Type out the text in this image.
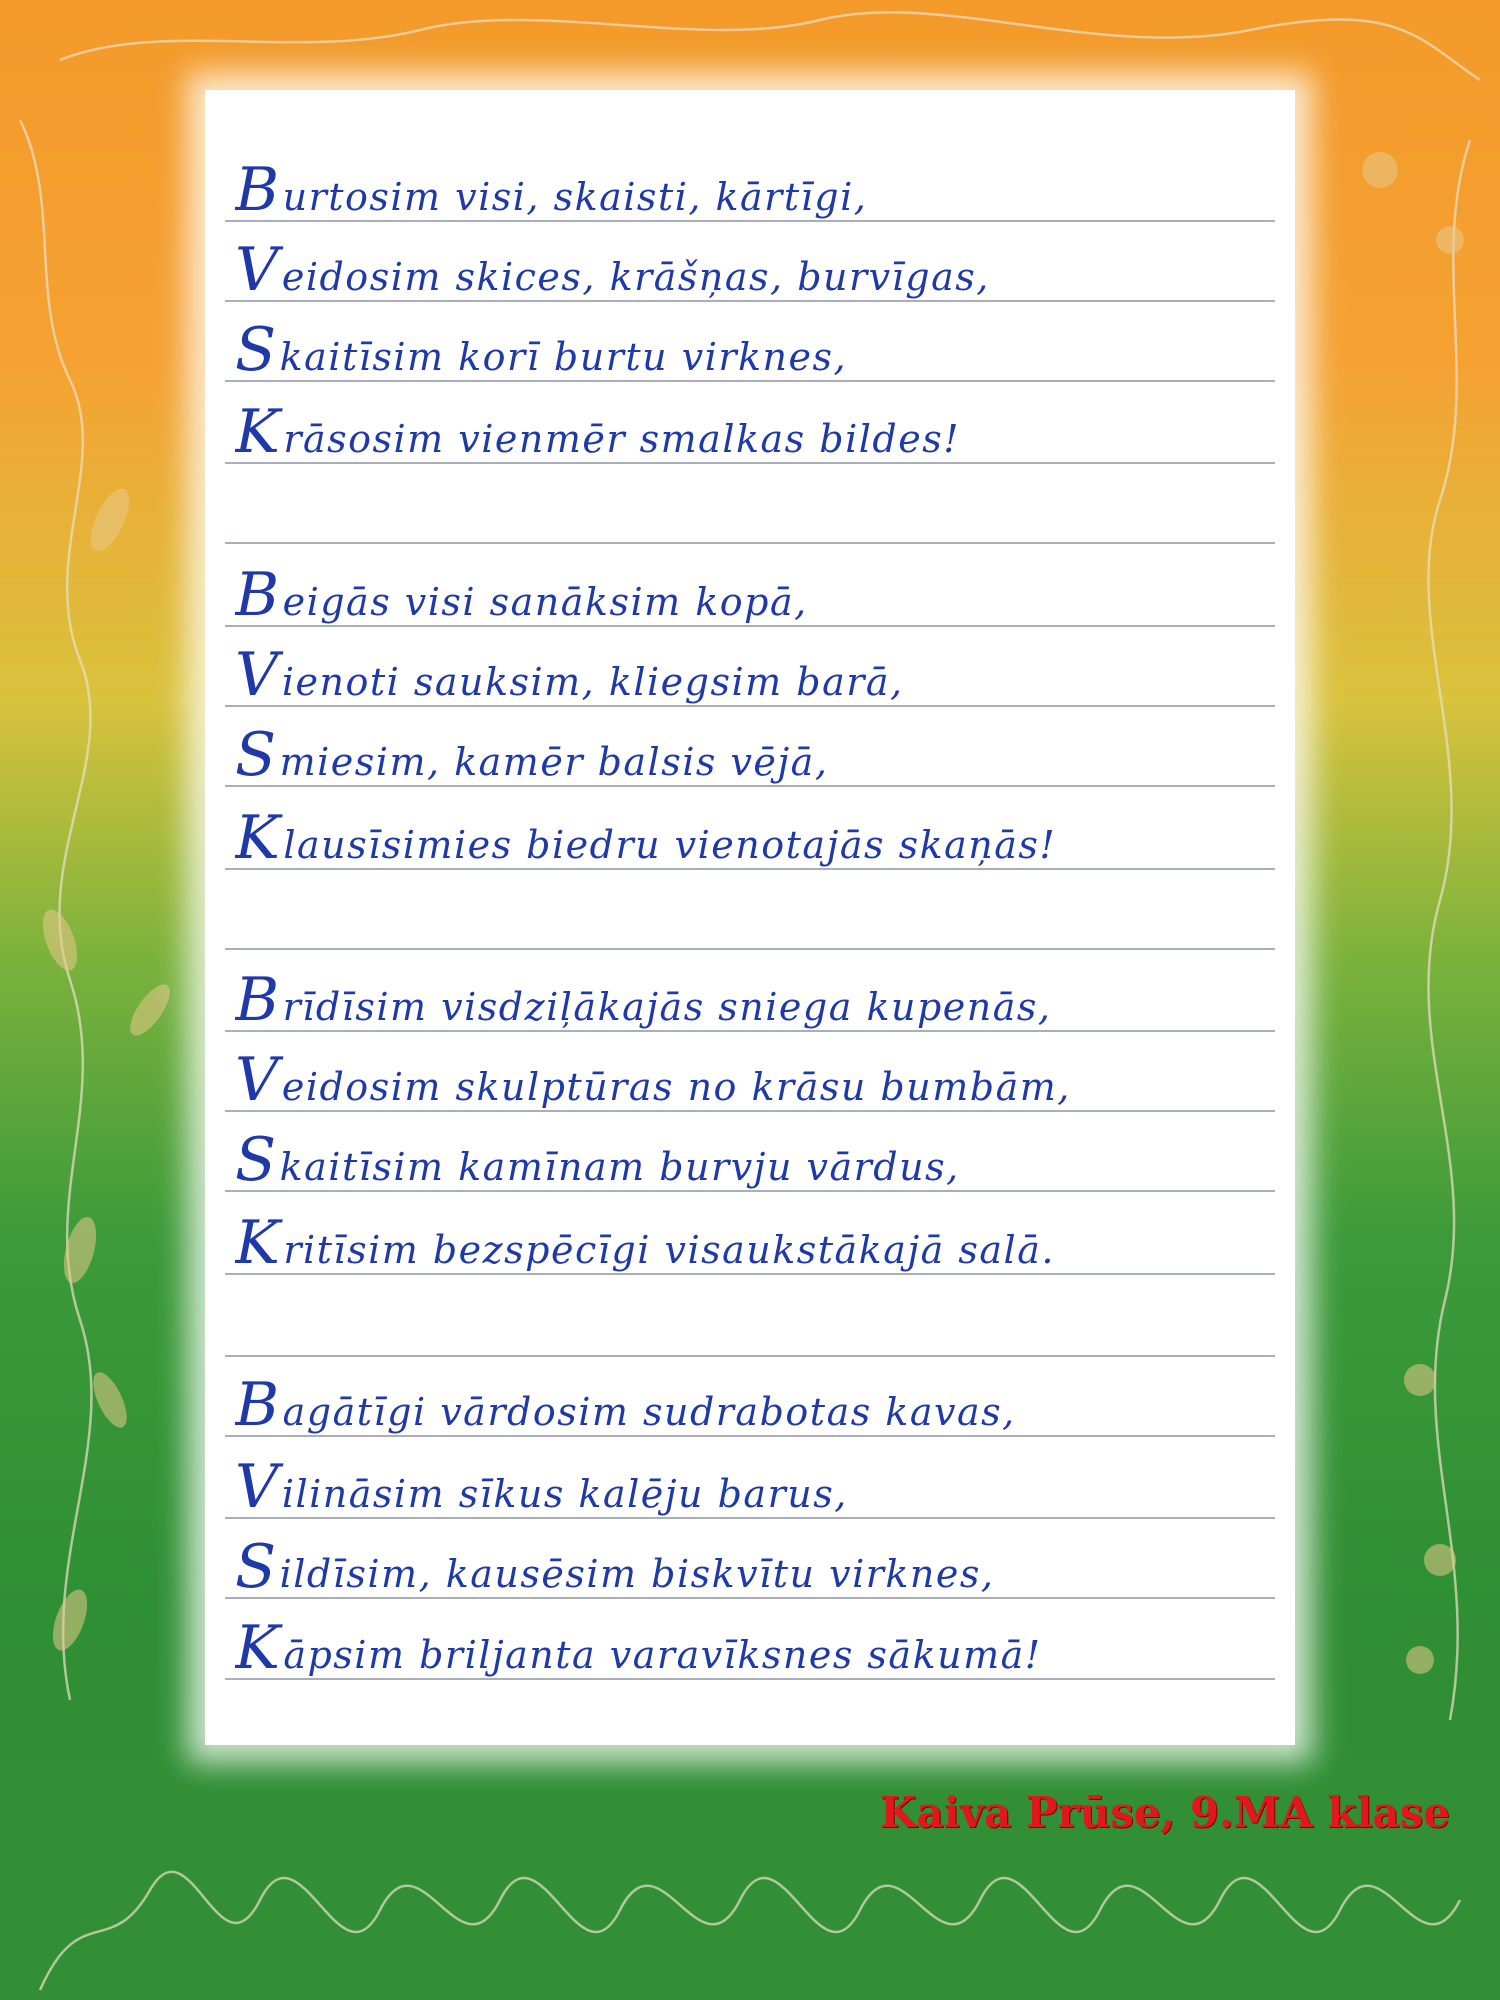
Burtosim visi, skaisti, kārtīgi,
Veidosim skices, krāšņas, burvīgas,
Skaitīsim korī burtu virknes,
Krāsosim vienmēr smalkas bildes!
Beigās visi sanāksim kopā,
Vienoti sauksim, kliegsim barā,
Smiesim, kamēr balsis vējā,
Klausīsimies biedru vienotajās skaņās!
Brīdīsim visdziļākajās sniega kupenās,
Veidosim skulptūras no krāsu bumbām,
Skaitīsim kamīnam burvju vārdus,
Kritīsim bezspēcīgi visaukstākajā salā.
Bagātīgi vārdosim sudrabotas kavas,
Vilināsim sīkus kalēju barus,
Sildīsim, kausēsim biskvītu virknes,
Kāpsim briljanta varavīksnes sākumā!
Kaiva Prūse, 9.MA klase
